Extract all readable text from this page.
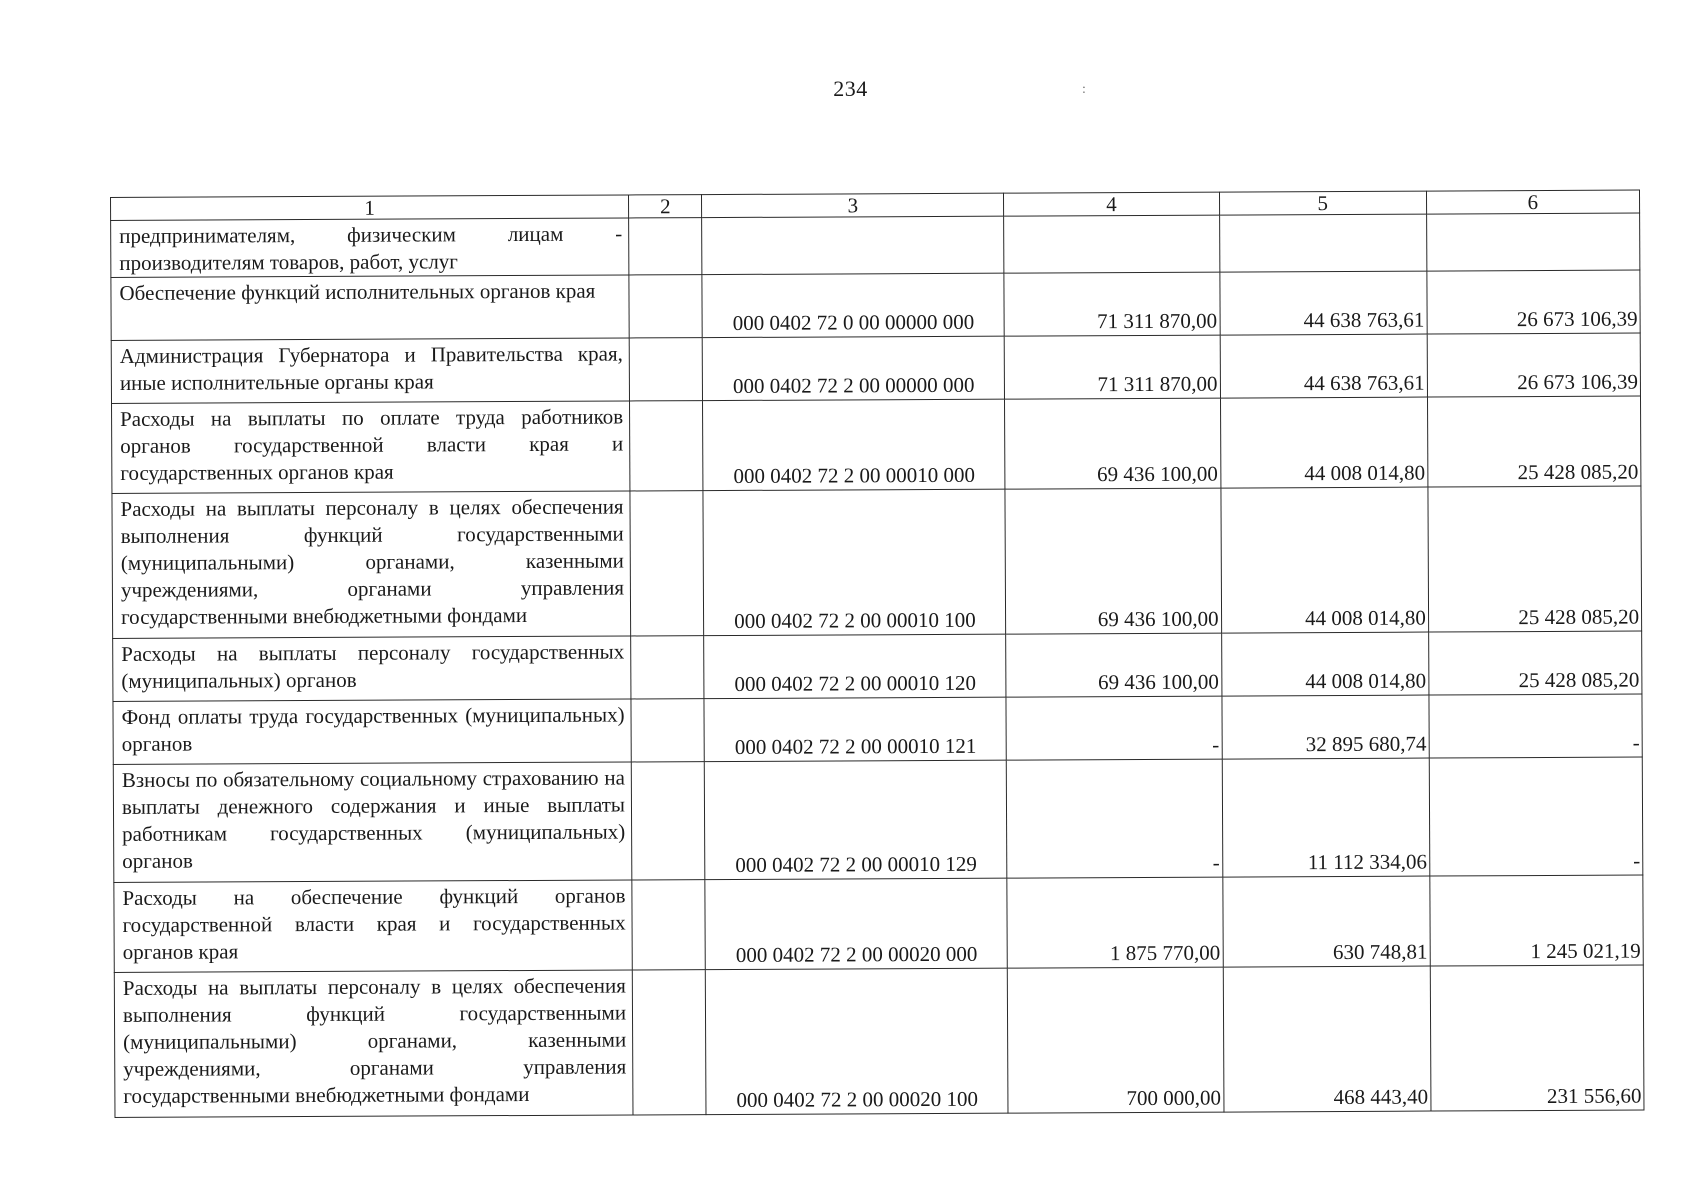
234	:
1	2	3	4	5	6
предпринимателям, физическим лицам - производителям товаров, работ, услуг					
Обеспечение функций исполнительных органов края		000 0402 72 0 00 00000 000	71 311 870,00	44 638 763,61	26 673 106,39
Администрация Губернатора и Правительства края, иные исполнительные органы края		000 0402 72 2 00 00000 000	71 311 870,00	44 638 763,61	26 673 106,39
Расходы на выплаты по оплате труда работников органов государственной власти края и государственных органов края		000 0402 72 2 00 00010 000	69 436 100,00	44 008 014,80	25 428 085,20
Расходы на выплаты персоналу в целях обеспечения выполнения функций государственными (муниципальными) органами, казенными учреждениями, органами управления государственными внебюджетными фондами		000 0402 72 2 00 00010 100	69 436 100,00	44 008 014,80	25 428 085,20
Расходы на выплаты персоналу государственных (муниципальных) органов		000 0402 72 2 00 00010 120	69 436 100,00	44 008 014,80	25 428 085,20
Фонд оплаты труда государственных (муниципальных) органов		000 0402 72 2 00 00010 121	-	32 895 680,74	-
Взносы по обязательному социальному страхованию на выплаты денежного содержания и иные выплаты работникам государственных (муниципальных) органов		000 0402 72 2 00 00010 129	-	11 112 334,06	-
Расходы на обеспечение функций органов государственной власти края и государственных органов края		000 0402 72 2 00 00020 000	1 875 770,00	630 748,81	1 245 021,19
Расходы на выплаты персоналу в целях обеспечения выполнения функций государственными (муниципальными) органами, казенными учреждениями, органами управления государственными внебюджетными фондами		000 0402 72 2 00 00020 100	700 000,00	468 443,40	231 556,60
